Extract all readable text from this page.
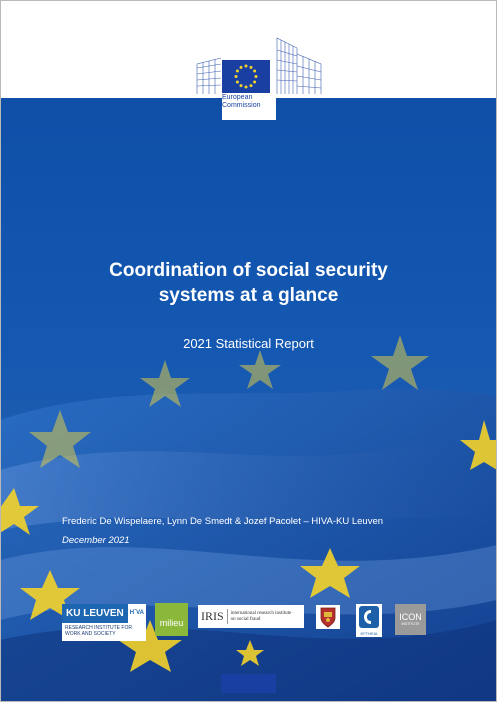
European
Commission
Coordination of social security
systems at a glance
2021 Statistical Report
Frederic De Wispelaere, Lynn De Smedt & Jozef Pacolet – HIVA-KU Leuven
December 2021
KU LEUVEN HˆVA
RESEARCH INSTITUTE FOR
WORK AND SOCIETY
milieu	IRIS	international research institute
on social fraud
EFTHEIA
ICON
INSTITUTE
